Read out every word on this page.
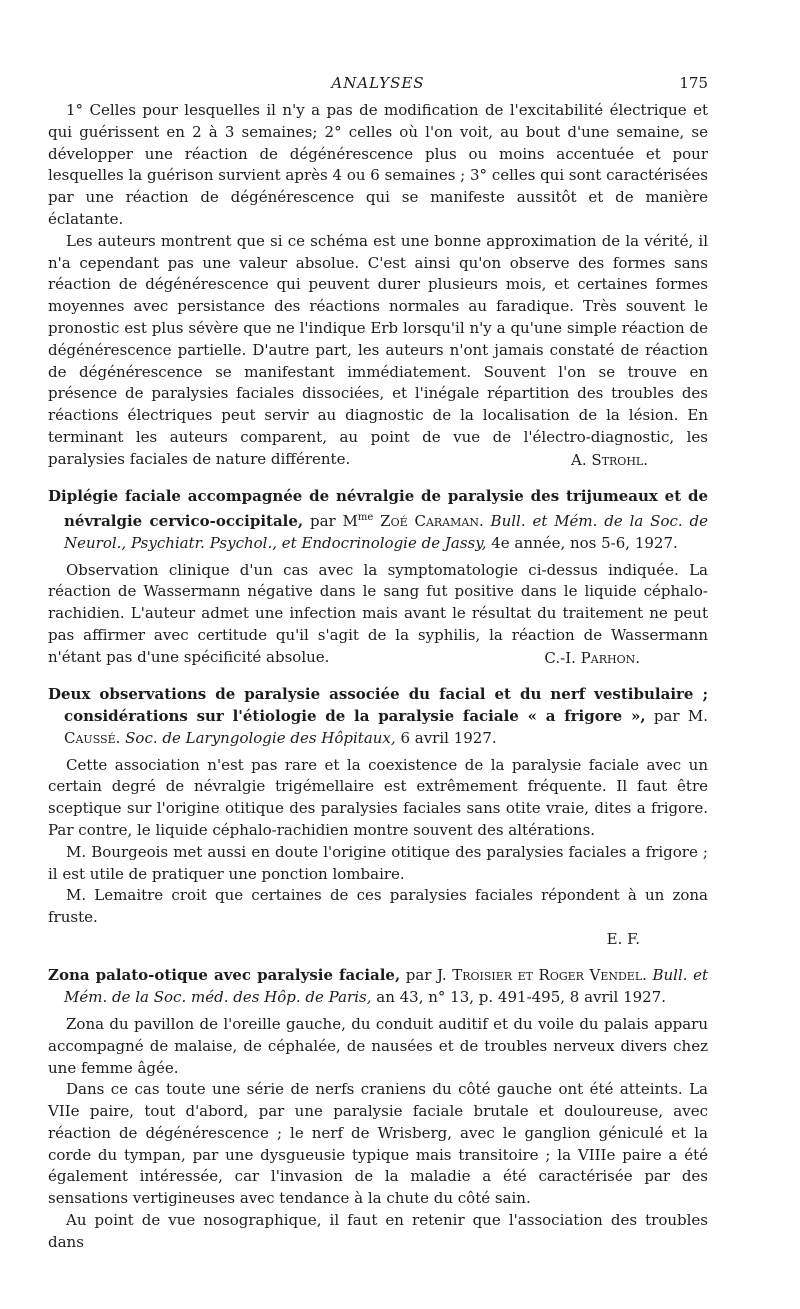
ANALYSES	175

1° Celles pour lesquelles il n'y a pas de modification de l'excitabilité électrique et qui guérissent en 2 à 3 semaines; 2° celles où l'on voit, au bout d'une semaine, se développer une réaction de dégénérescence plus ou moins accentuée et pour lesquelles la guérison survient après 4 ou 6 semaines ; 3° celles qui sont caractérisées par une réaction de dégénérescence qui se manifeste aussitôt et de manière éclatante.

Les auteurs montrent que si ce schéma est une bonne approximation de la vérité, il n'a cependant pas une valeur absolue. C'est ainsi qu'on observe des formes sans réaction de dégénérescence qui peuvent durer plusieurs mois, et certaines formes moyennes avec persistance des réactions normales au faradique. Très souvent le pronostic est plus sévère que ne l'indique Erb lorsqu'il n'y a qu'une simple réaction de dégénérescence partielle. D'autre part, les auteurs n'ont jamais constaté de réaction de dégénérescence se manifestant immédiatement. Souvent l'on se trouve en présence de paralysies faciales dissociées, et l'inégale répartition des troubles des réactions électriques peut servir au diagnostic de la localisation de la lésion. En terminant les auteurs comparent, au point de vue de l'électro-diagnostic, les paralysies faciales de nature différente.	A. Strohl.
Diplégie faciale accompagnée de névralgie de paralysie des trijumeaux et de névralgie cervico-occipitale, par $M^{me}$ Zoé Caraman. Bull. et Mém. de la Soc. de Neurol., Psychiatr. Psychol., et Endocrinologie de Jassy, 4e année, nos 5-6, 1927.

Observation clinique d'un cas avec la symptomatologie ci-dessus indiquée. La réaction de Wassermann négative dans le sang fut positive dans le liquide céphalo-rachidien. L'auteur admet une infection mais avant le résultat du traitement ne peut pas affirmer avec certitude qu'il s'agit de la syphilis, la réaction de Wassermann n'étant pas d'une spécificité absolue.	C.-I. Parhon.
Deux observations de paralysie associée du facial et du nerf vestibulaire ; considérations sur l'étiologie de la paralysie faciale « a frigore », par M. Caussé. Soc. de Laryngologie des Hôpitaux, 6 avril 1927.

Cette association n'est pas rare et la coexistence de la paralysie faciale avec un certain degré de névralgie trigémellaire est extrêmement fréquente. Il faut être sceptique sur l'origine otitique des paralysies faciales sans otite vraie, dites a frigore. Par contre, le liquide céphalo-rachidien montre souvent des altérations.

M. Bourgeois met aussi en doute l'origine otitique des paralysies faciales a frigore ; il est utile de pratiquer une ponction lombaire.

M. Lemaitre croit que certaines de ces paralysies faciales répondent à un zona fruste.

E. F.
Zona palato-otique avec paralysie faciale, par J. Troisier et Roger Vendel. Bull. et Mém. de la Soc. méd. des Hôp. de Paris, an 43, n° 13, p. 491-495, 8 avril 1927.

Zona du pavillon de l'oreille gauche, du conduit auditif et du voile du palais apparu accompagné de malaise, de céphalée, de nausées et de troubles nerveux divers chez une femme âgée.

Dans ce cas toute une série de nerfs craniens du côté gauche ont été atteints. La VIIe paire, tout d'abord, par une paralysie faciale brutale et douloureuse, avec réaction de dégénérescence ; le nerf de Wrisberg, avec le ganglion géniculé et la corde du tympan, par une dysgueusie typique mais transitoire ; la VIIIe paire a été également intéressée, car l'invasion de la maladie a été caractérisée par des sensations vertigineuses avec tendance à la chute du côté sain.

Au point de vue nosographique, il faut en retenir que l'association des troubles dans
